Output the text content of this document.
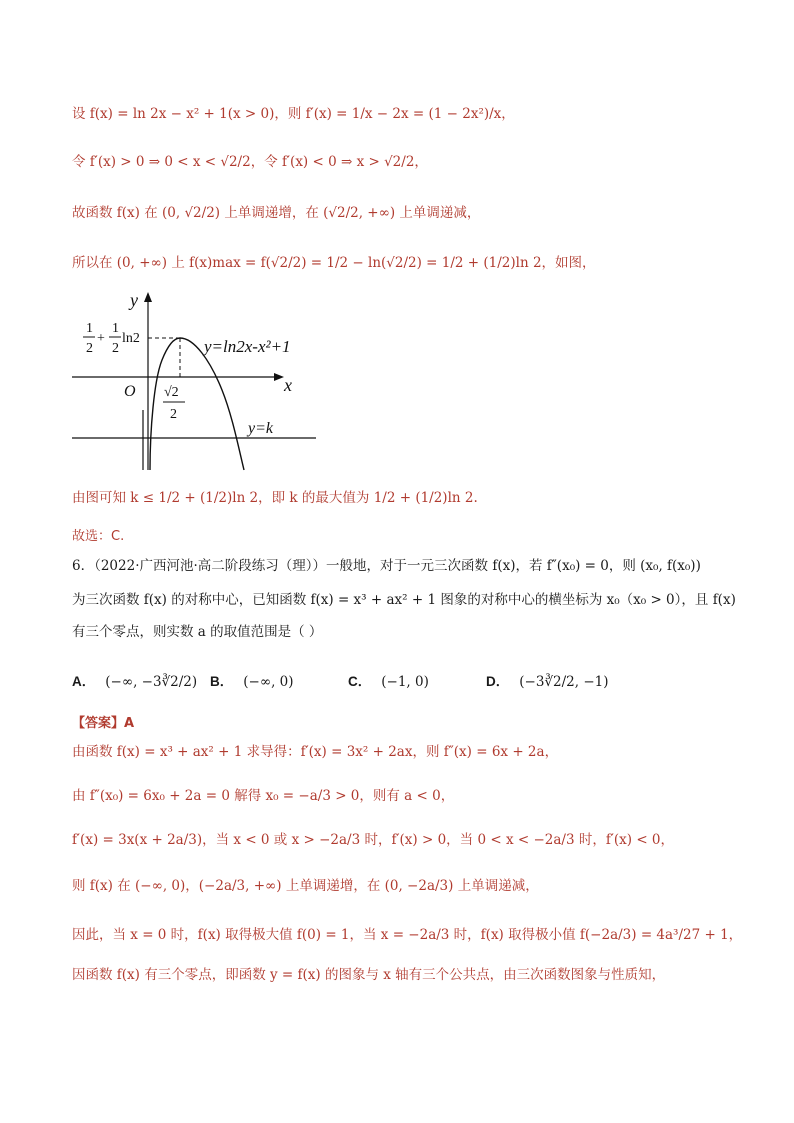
设 f(x) = ln 2x − x² + 1(x > 0)，则 f′(x) = 1/x − 2x = (1 − 2x²)/x，
令 f′(x) > 0 ⇒ 0 < x < √2/2，令 f′(x) < 0 ⇒ x > √2/2，
故函数 f(x) 在 (0, √2/2) 上单调递增，在 (√2/2, +∞) 上单调递减，
所以在 (0, +∞) 上 f(x)max = f(√2/2) = 1/2 − ln(√2/2) = 1/2 + (1/2)ln 2，如图，
y
x
O
y=k
y=ln2x-x²+1
1
2
+
1
2
ln2
√2
2
由图可知 k ≤ 1/2 + (1/2)ln 2，即 k 的最大值为 1/2 + (1/2)ln 2.
故选：C.
6．（2022·广西河池·高二阶段练习（理））一般地，对于一元三次函数 f(x)，若 f″(x₀) = 0，则 (x₀, f(x₀))
为三次函数 f(x) 的对称中心，已知函数 f(x) = x³ + ax² + 1 图象的对称中心的横坐标为 x₀（x₀ > 0），且 f(x)
有三个零点，则实数 a 的取值范围是（ ）
A． (−∞, −3∛2/2) B． (−∞, 0)	C． (−1, 0)	D． (−3∛2/2, −1)
【答案】A
由函数 f(x) = x³ + ax² + 1 求导得：f′(x) = 3x² + 2ax，则 f″(x) = 6x + 2a，
由 f″(x₀) = 6x₀ + 2a = 0 解得 x₀ = −a/3 > 0，则有 a < 0，
f′(x) = 3x(x + 2a/3)，当 x < 0 或 x > −2a/3 时，f′(x) > 0，当 0 < x < −2a/3 时，f′(x) < 0，
则 f(x) 在 (−∞, 0)，(−2a/3, +∞) 上单调递增，在 (0, −2a/3) 上单调递减，
因此，当 x = 0 时，f(x) 取得极大值 f(0) = 1，当 x = −2a/3 时，f(x) 取得极小值 f(−2a/3) = 4a³/27 + 1，
因函数 f(x) 有三个零点，即函数 y = f(x) 的图象与 x 轴有三个公共点，由三次函数图象与性质知，
